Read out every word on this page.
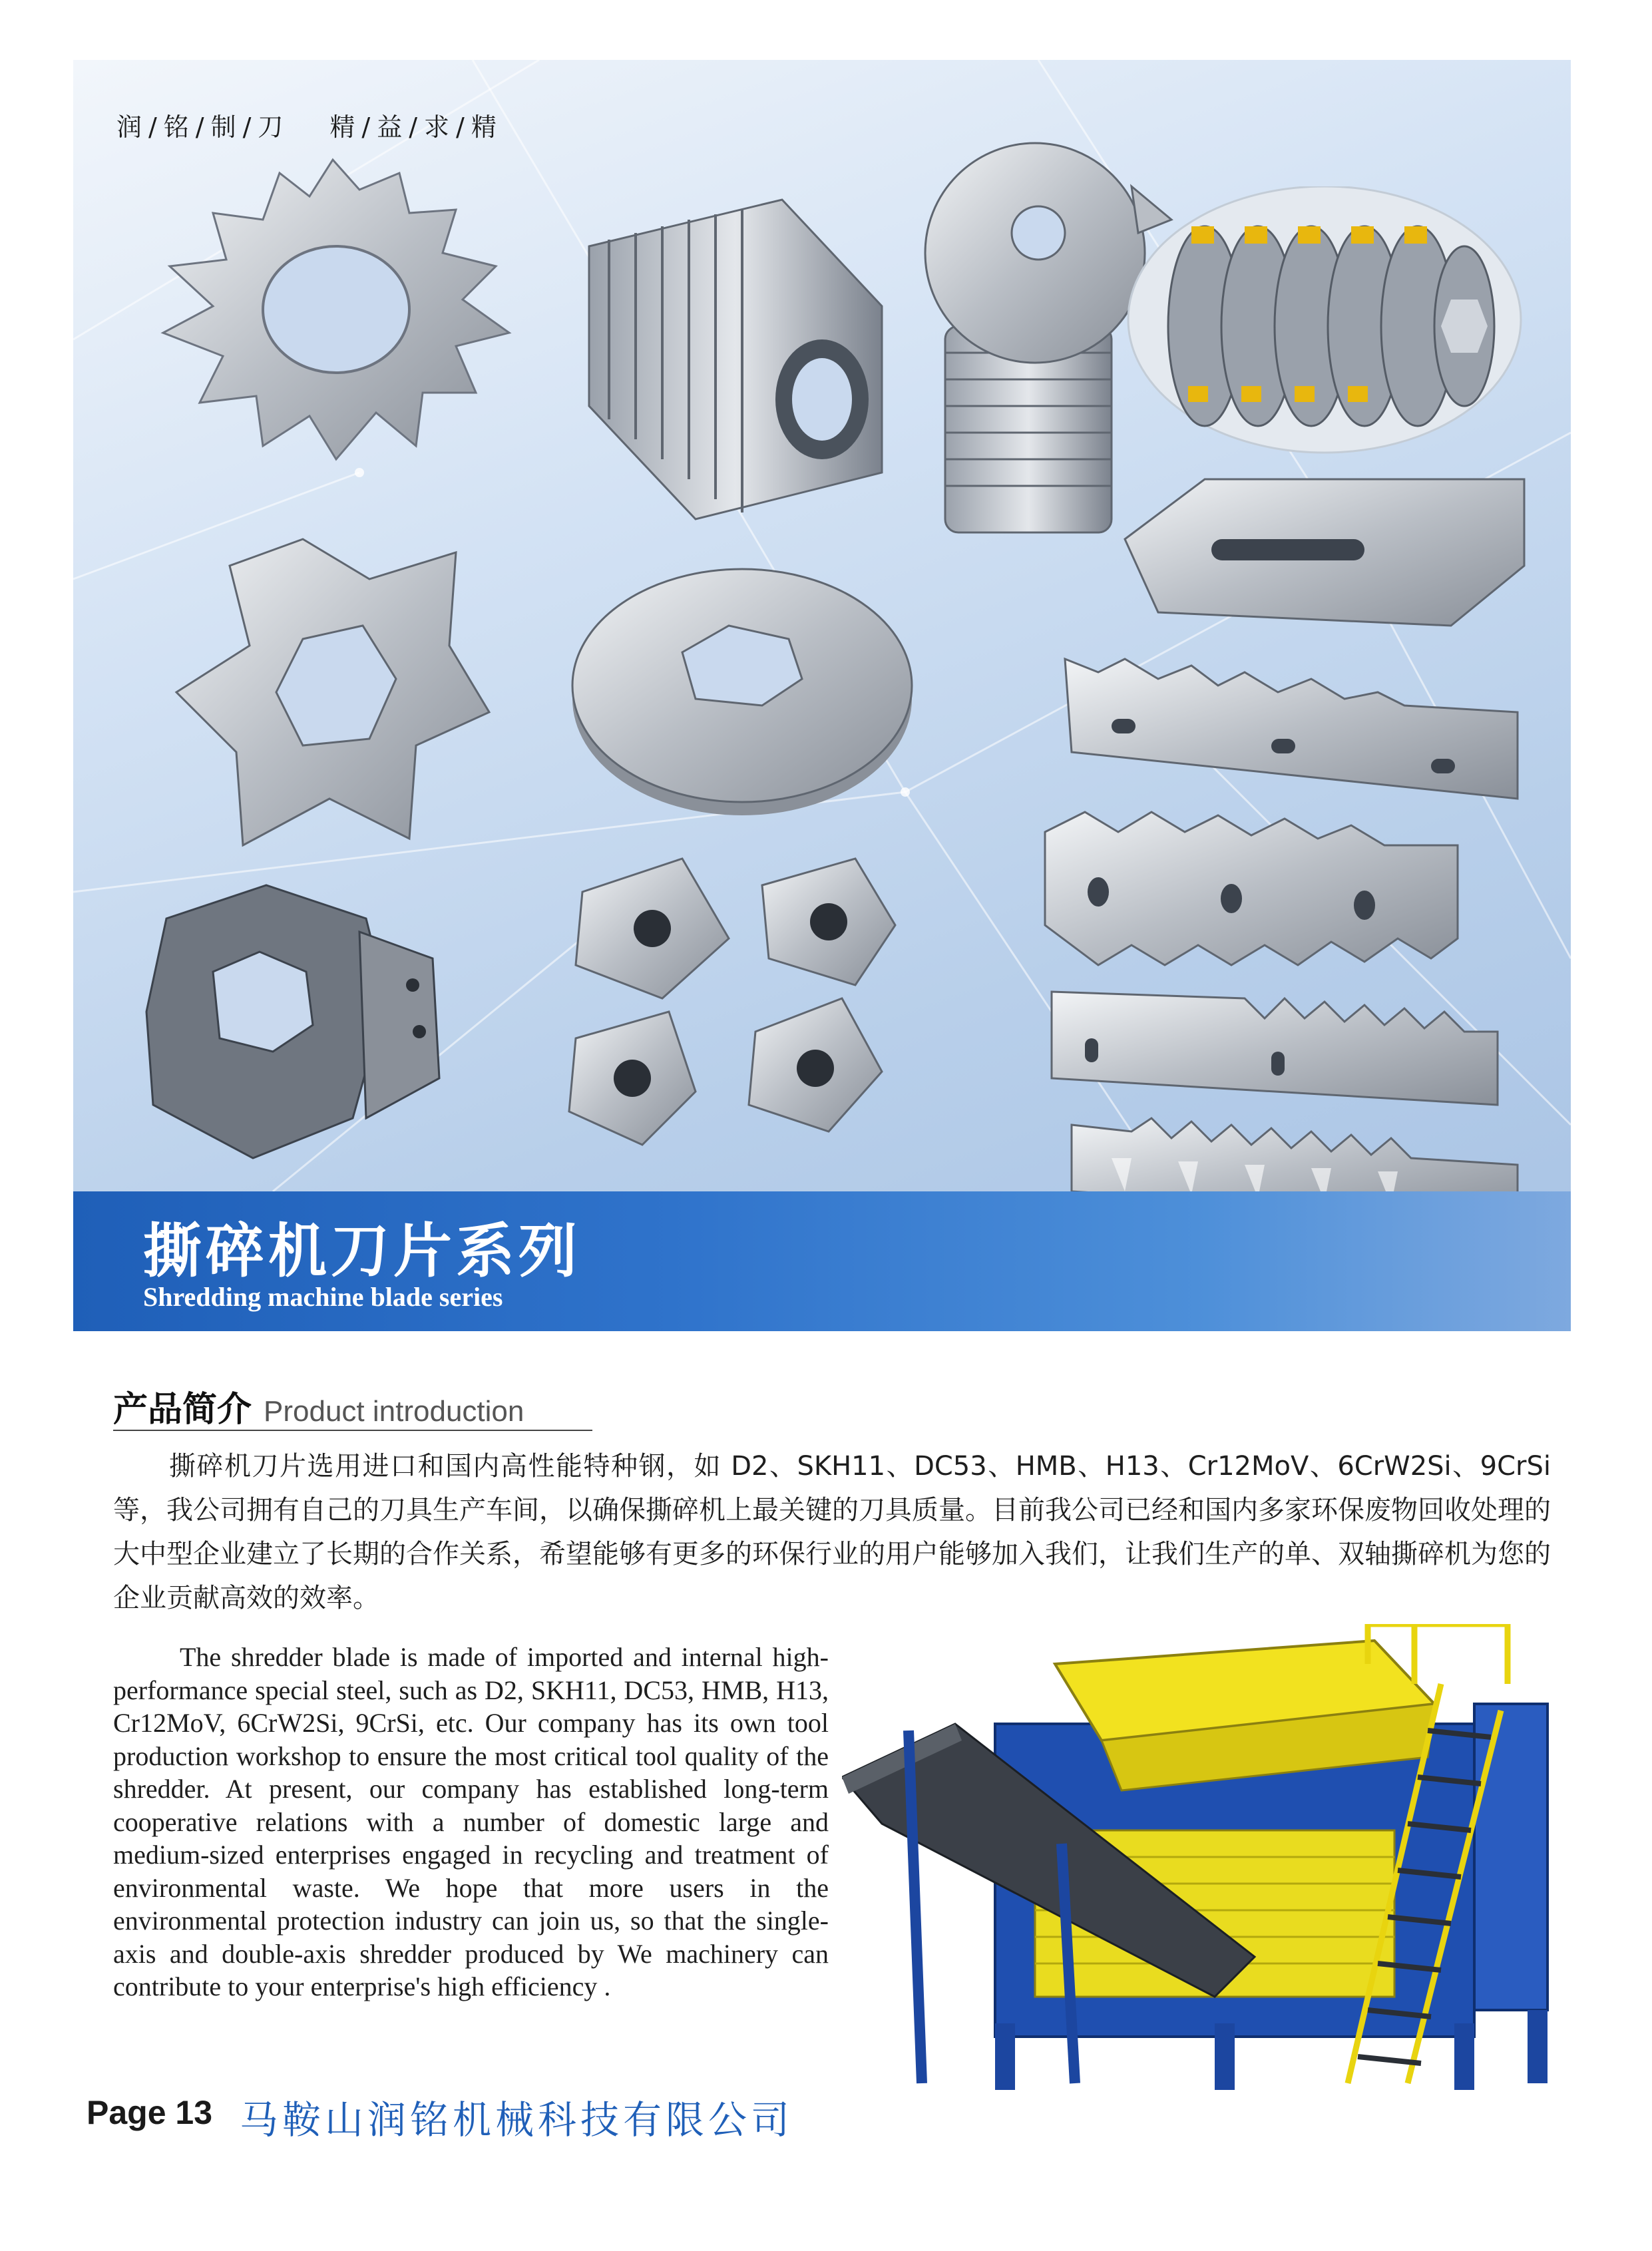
润/铭/制/刀 精/益/求/精
撕碎机刀片系列
Shredding machine blade series
产品简介 Product introduction

撕碎机刀片选用进口和国内高性能特种钢，如 D2、SKH11、DC53、HMB、H13、Cr12MoV、6CrW2Si、9CrSi 等，我公司拥有自己的刀具生产车间，以确保撕碎机上最关键的刀具质量。目前我公司已经和国内多家环保废物回收处理的大中型企业建立了长期的合作关系，希望能够有更多的环保行业的用户能够加入我们，让我们生产的单、双轴撕碎机为您的企业贡献高效的效率。

The shredder blade is made of imported and internal high-performance special steel, such as D2, SKH11, DC53, HMB, H13, Cr12MoV, 6CrW2Si, 9CrSi, etc. Our company has its own tool production workshop to ensure the most critical tool quality of the shredder. At present, our company has established long-term cooperative relations with a number of domestic large and medium-sized enterprises engaged in recycling and treatment of environmental waste. We hope that more users in the environmental protection industry can join us, so that the single-axis and double-axis shredder produced by We machinery can contribute to your enterprise's high efficiency .

Page 13 马鞍山润铭机械科技有限公司
